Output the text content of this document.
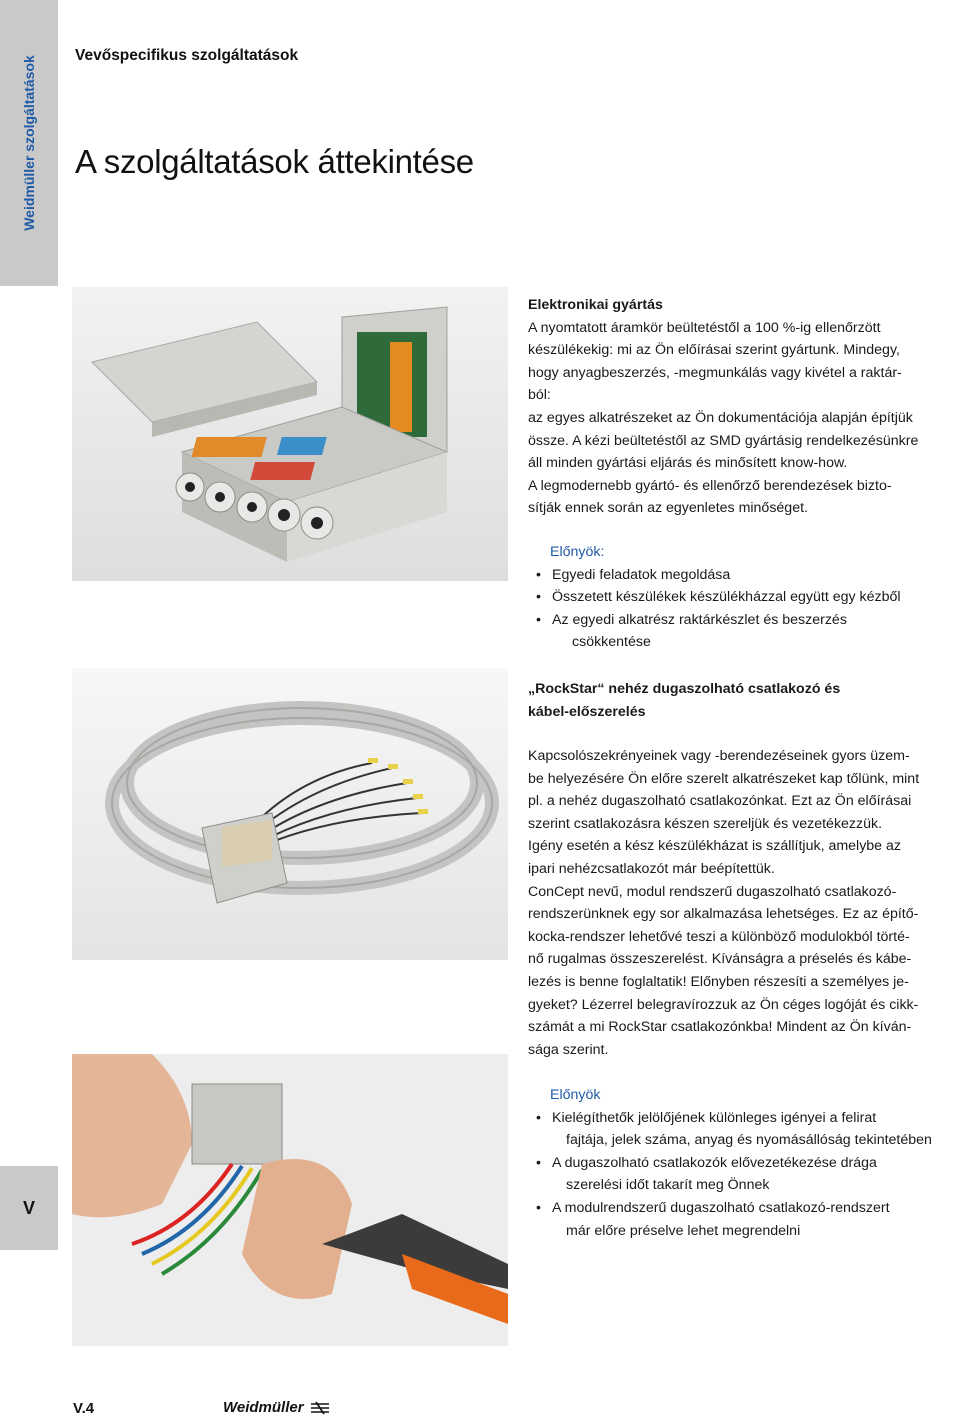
Weidmüller szolgáltatások
V
Vevőspecifikus szolgáltatások
A szolgáltatások áttekintése

Elektronikai gyártás

A nyomtatott áramkör beültetéstől a 100 %-ig ellenőrzött

készülékekig: mi az Ön előírásai szerint gyártunk. Mindegy,

hogy anyagbeszerzés, -megmunkálás vagy kivétel a raktár-

ból:

az egyes alkatrészeket az Ön dokumentációja alapján építjük

össze. A kézi beültetéstől az SMD gyártásig rendelkezésünkre

áll minden gyártási eljárás és minősített know-how.

A legmodernebb gyártó- és ellenőrző berendezések bizto-

sítják ennek során az egyenletes minőséget.

Előnyök:

• Egyedi feladatok megoldása
• Összetett készülékek készülékházzal együtt egy kézből
• Az egyedi alkatrész raktárkészlet és beszerzés

csökkentése

„RockStar“ nehéz dugaszolható csatlakozó és

kábel-előszerelés

Kapcsolószekrényeinek vagy -berendezéseinek gyors üzem-

be helyezésére Ön előre szerelt alkatrészeket kap tőlünk, mint

pl. a nehéz dugaszolható csatlakozónkat. Ezt az Ön előírásai

szerint csatlakozásra készen szereljük és vezetékezzük.

Igény esetén a kész készülékházat is szállítjuk, amelybe az

ipari nehézcsatlakozót már beépítettük.

ConCept nevű, modul rendszerű dugaszolható csatlakozó-

rendszerünknek egy sor alkalmazása lehetséges. Ez az építő-

kocka-rendszer lehetővé teszi a különböző modulokból törté-

nő rugalmas összeszerelést. Kívánságra a préselés és kábe-

lezés is benne foglaltatik! Előnyben részesíti a személyes je-

gyeket? Lézerrel belegravírozzuk az Ön céges logóját és cikk-

számát a mi RockStar csatlakozónkba! Mindent az Ön kíván-

sága szerint.

Előnyök

• Kielégíthetők jelölőjének különleges igényei a felirat

fajtája, jelek száma, anyag és nyomásállóság tekintetében

• A dugaszolható csatlakozók elővezetékezése drága

szerelési időt takarít meg Önnek

• A modulrendszerű dugaszolható csatlakozó-rendszert

már előre préselve lehet megrendelni

V.4	Weidmüller
